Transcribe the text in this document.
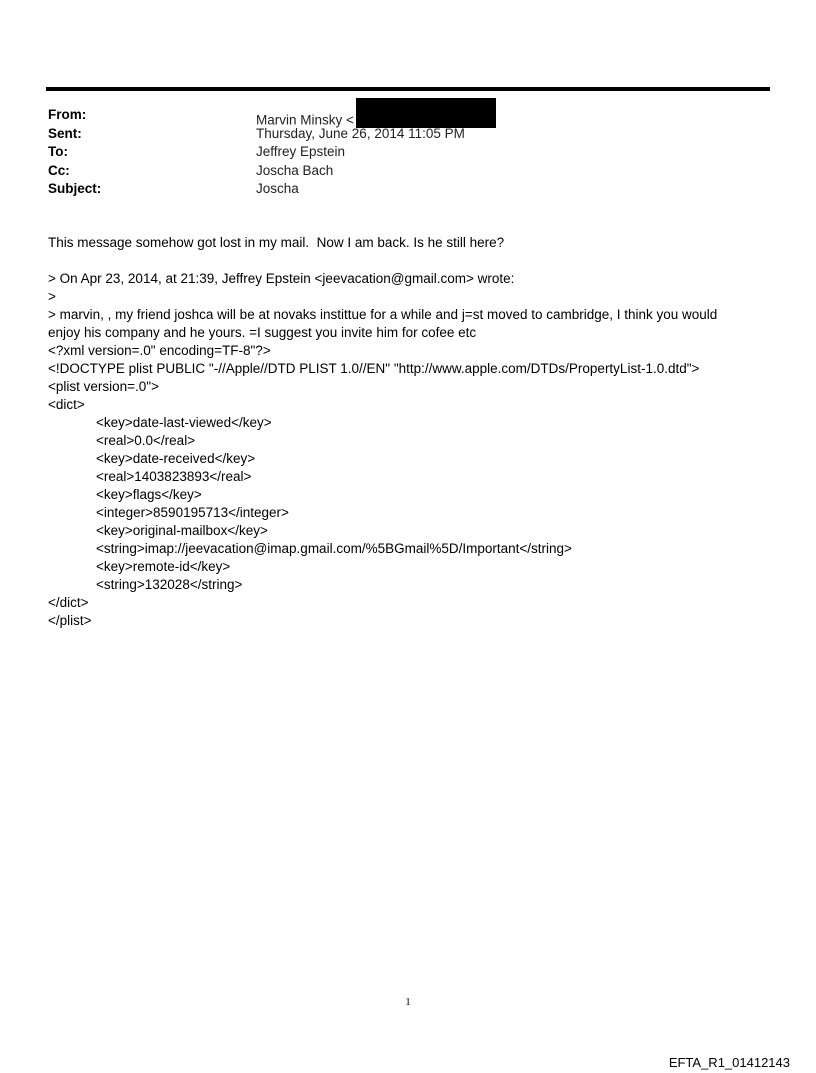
From:	Marvin Minsky <
Sent:	Thursday, June 26, 2014 11:05 PM
To:	Jeffrey Epstein
Cc:	Joscha Bach
Subject:	Joscha
This message somehow got lost in my mail.  Now I am back. Is he still here?
> On Apr 23, 2014, at 21:39, Jeffrey Epstein <jeevacation@gmail.com> wrote:
>
> marvin, , my friend joshca will be at novaks instittue for a while and j=st moved to cambridge, I think you would enjoy his company and he yours. =I suggest you invite him for cofee etc
<?xml version=.0" encoding=TF-8"?>
<!DOCTYPE plist PUBLIC "-//Apple//DTD PLIST 1.0//EN" "http://www.apple.com/DTDs/PropertyList-1.0.dtd">
<plist version=.0">
<dict>
<key>date-last-viewed</key>
<real>0.0</real>
<key>date-received</key>
<real>1403823893</real>
<key>flags</key>
<integer>8590195713</integer>
<key>original-mailbox</key>
<string>imap://jeevacation@imap.gmail.com/%5BGmail%5D/Important</string>
<key>remote-id</key>
<string>132028</string>
</dict>
</plist>
1
EFTA_R1_01412143
